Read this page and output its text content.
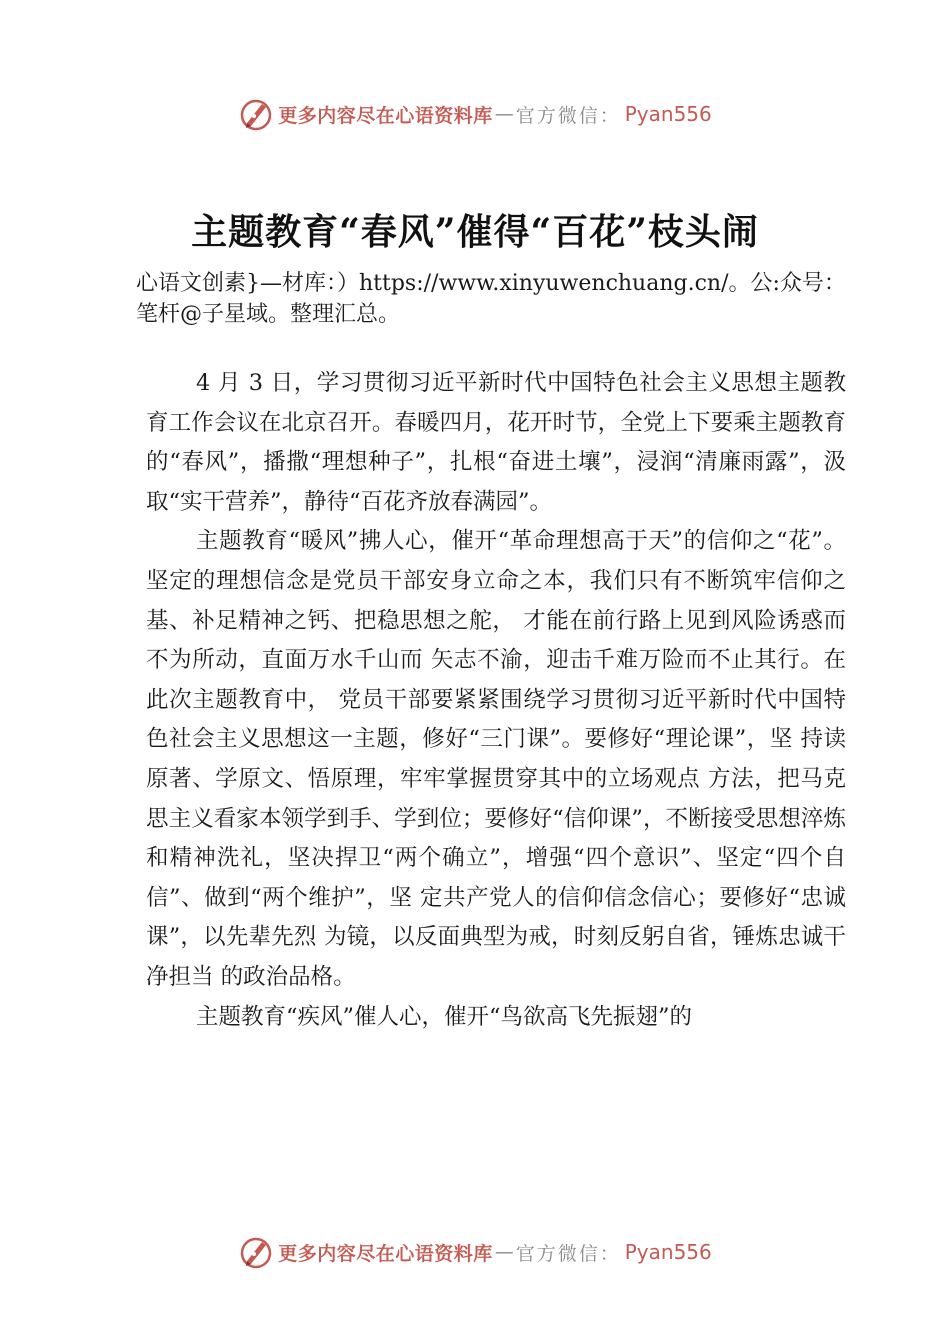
更多内容尽在心语资料库 — 官方微信： Pyan556
主题教育“春风”催得“百花”枝头闹

心语文创素}—材库：）https://www.xinyuwenchuang.cn/。公:众号：笔杆@子星域。整理汇总。

4 月 3 日，学习贯彻习近平新时代中国特色社会主义思想主题教育工作会议在北京召开。春暖四月，花开时节，全党上下要乘主题教育的“春风”，播撒“理想种子”，扎根“奋进土壤”，浸润“清廉雨露”，汲取“实干营养”，静待“百花齐放春满园”。

主题教育“暖风”拂人心，催开“革命理想高于天”的信仰之“花”。坚定的理想信念是党员干部安身立命之本，我们只有不断筑牢信仰之基、补足精神之钙、把稳思想之舵， 才能在前行路上见到风险诱惑而不为所动，直面万水千山而 矢志不渝，迎击千难万险而不止其行。在此次主题教育中， 党员干部要紧紧围绕学习贯彻习近平新时代中国特色社会主义思想这一主题，修好“三门课”。要修好“理论课”，坚 持读原著、学原文、悟原理，牢牢掌握贯穿其中的立场观点 方法，把马克思主义看家本领学到手、学到位；要修好“信仰课”，不断接受思想淬炼和精神洗礼，坚决捍卫“两个确立”，增强“四个意识”、坚定“四个自信”、做到“两个维护”，坚 定共产党人的信仰信念信心；要修好“忠诚课”，以先辈先烈 为镜，以反面典型为戒，时刻反躬自省，锤炼忠诚干净担当 的政治品格。

主题教育“疾风”催人心，催开“鸟欲高飞先振翅”的

更多内容尽在心语资料库 — 官方微信： Pyan556
